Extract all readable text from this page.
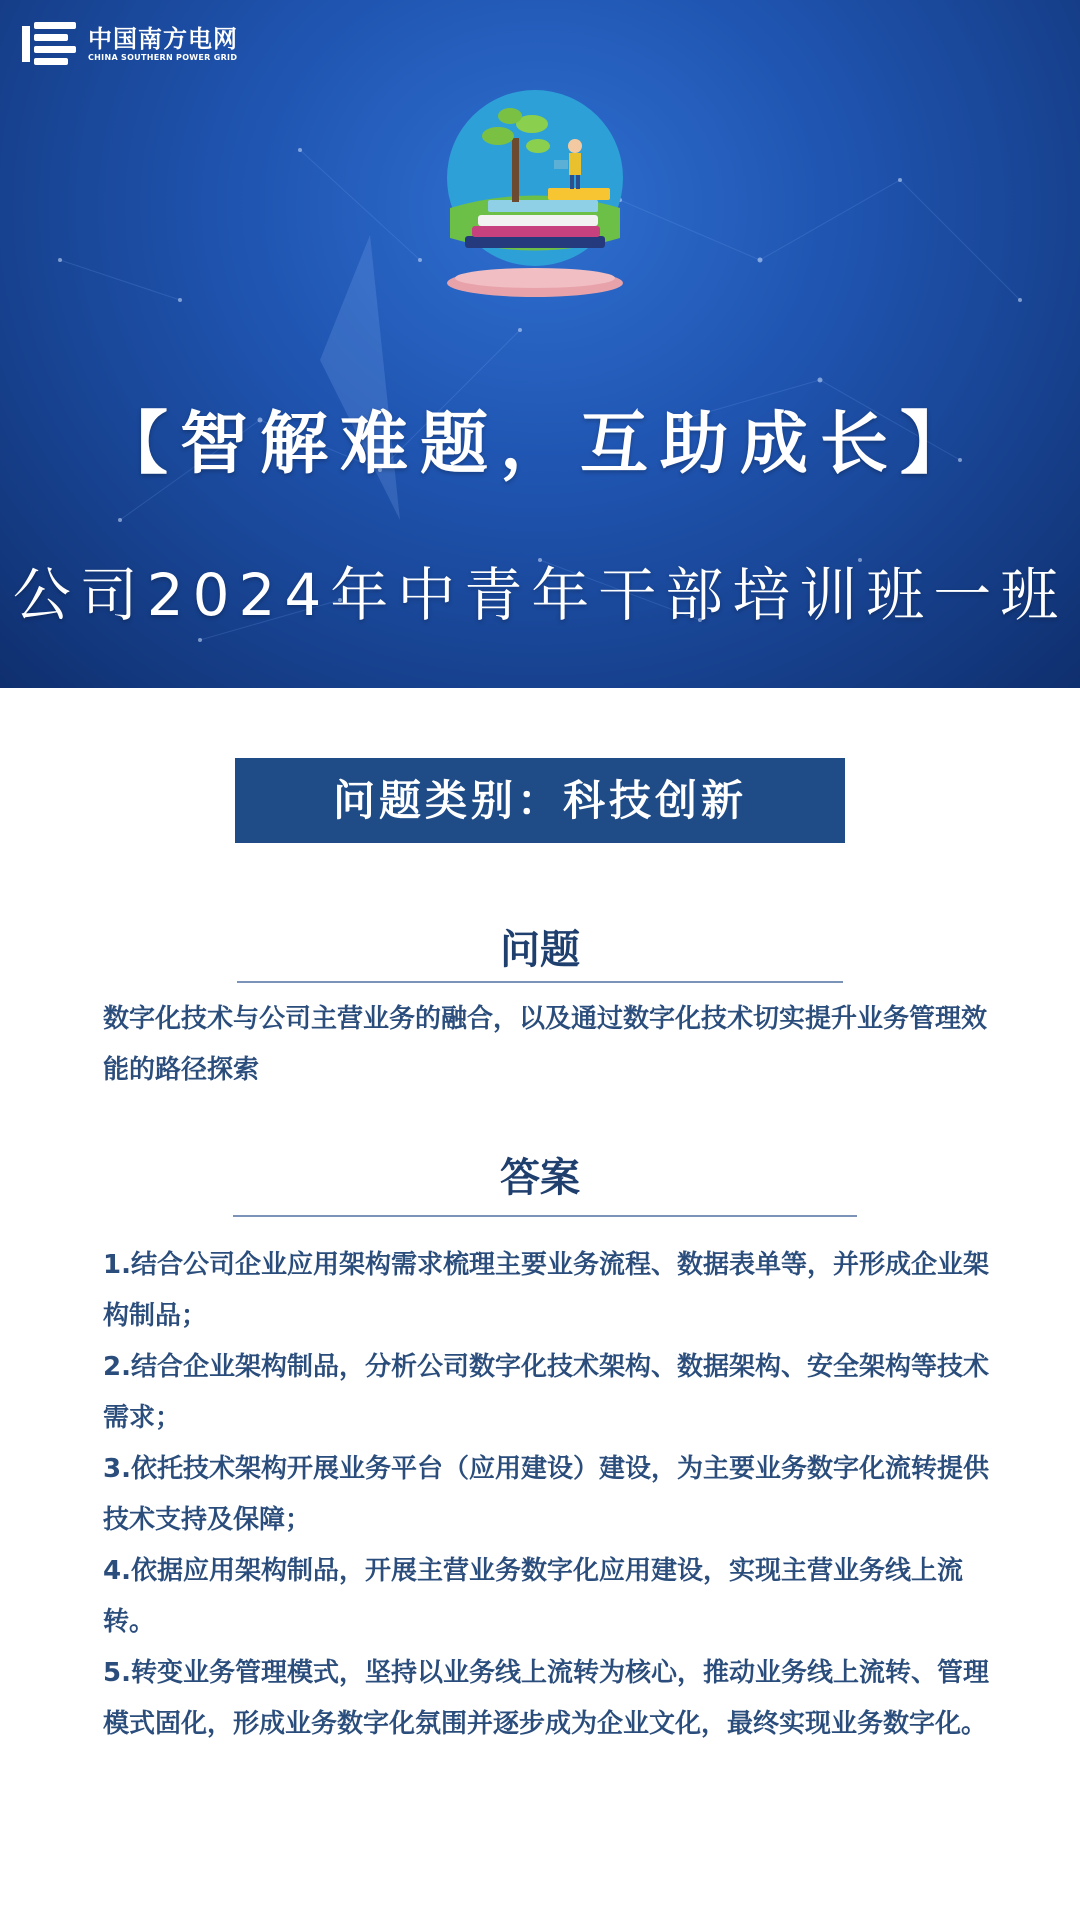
中国南方电网
CHINA SOUTHERN POWER GRID
【智解难题，互助成长】
公司2024年中青年干部培训班一班
问题类别：科技创新
问题
数字化技术与公司主营业务的融合，以及通过数字化技术切实提升业务管理效能的路径探索
答案
1.结合公司企业应用架构需求梳理主要业务流程、数据表单等，并形成企业架构制品；
2.结合企业架构制品，分析公司数字化技术架构、数据架构、安全架构等技术需求；
3.依托技术架构开展业务平台（应用建设）建设，为主要业务数字化流转提供技术支持及保障；
4.依据应用架构制品，开展主营业务数字化应用建设，实现主营业务线上流转。
5.转变业务管理模式，坚持以业务线上流转为核心，推动业务线上流转、管理模式固化，形成业务数字化氛围并逐步成为企业文化，最终实现业务数字化。
